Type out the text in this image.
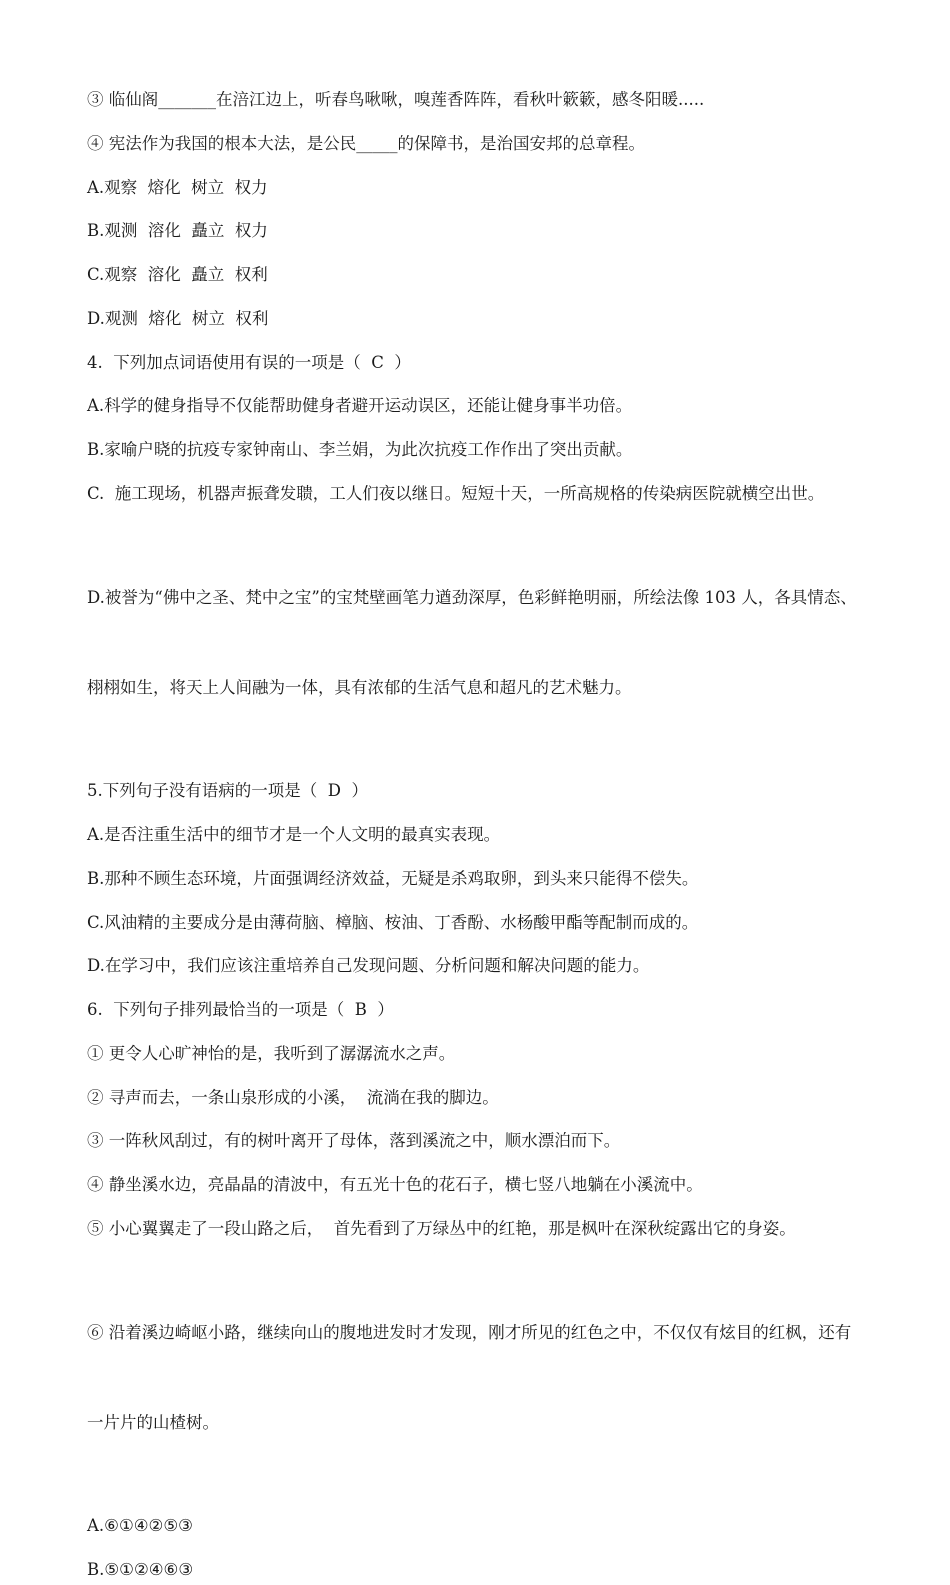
③ 临仙阁_______在涪江边上，听春鸟啾啾，嗅莲香阵阵，看秋叶簌簌，感冬阳暖.....
④ 宪法作为我国的根本大法，是公民_____的保障书，是治国安邦的总章程。
A.观察  熔化  树立  权力
B.观测  溶化  矗立  权力
C.观察  溶化  矗立  权利
D.观测  熔化  树立  权利
4.  下列加点词语使用有误的一项是（  C  ）
A.科学的健身指导不仅能帮助健身者避开运动误区，还能让健身事半功倍。
B.家喻户晓的抗疫专家钟南山、李兰娟，为此次抗疫工作作出了突出贡献。
C.  施工现场，机器声振聋发聩，工人们夜以继日。短短十天，一所高规格的传染病医院就横空出世。

D.被誉为“佛中之圣、梵中之宝”的宝梵壁画笔力遒劲深厚，色彩鲜艳明丽，所绘法像 103 人，各具情态、

栩栩如生，将天上人间融为一体，具有浓郁的生活气息和超凡的艺术魅力。

5.下列句子没有语病的一项是（  D  ）
A.是否注重生活中的细节才是一个人文明的最真实表现。
B.那种不顾生态环境，片面强调经济效益，无疑是杀鸡取卵，到头来只能得不偿失。
C.风油精的主要成分是由薄荷脑、樟脑、桉油、丁香酚、水杨酸甲酯等配制而成的。
D.在学习中，我们应该注重培养自己发现问题、分析问题和解决问题的能力。
6.  下列句子排列最恰当的一项是（  B  ）
① 更令人心旷神怡的是，我听到了潺潺流水之声。
② 寻声而去，一条山泉形成的小溪，  流淌在我的脚边。
③ 一阵秋风刮过，有的树叶离开了母体，落到溪流之中，顺水漂泊而下。
④ 静坐溪水边，亮晶晶的清波中，有五光十色的花石子，横七竖八地躺在小溪流中。
⑤ 小心翼翼走了一段山路之后，  首先看到了万绿丛中的红艳，那是枫叶在深秋绽露出它的身姿。

⑥ 沿着溪边崎岖小路，继续向山的腹地进发时才发现，刚才所见的红色之中，不仅仅有炫目的红枫，还有

一片片的山楂树。

A.⑥①④②⑤③
B.⑤①②④⑥③
